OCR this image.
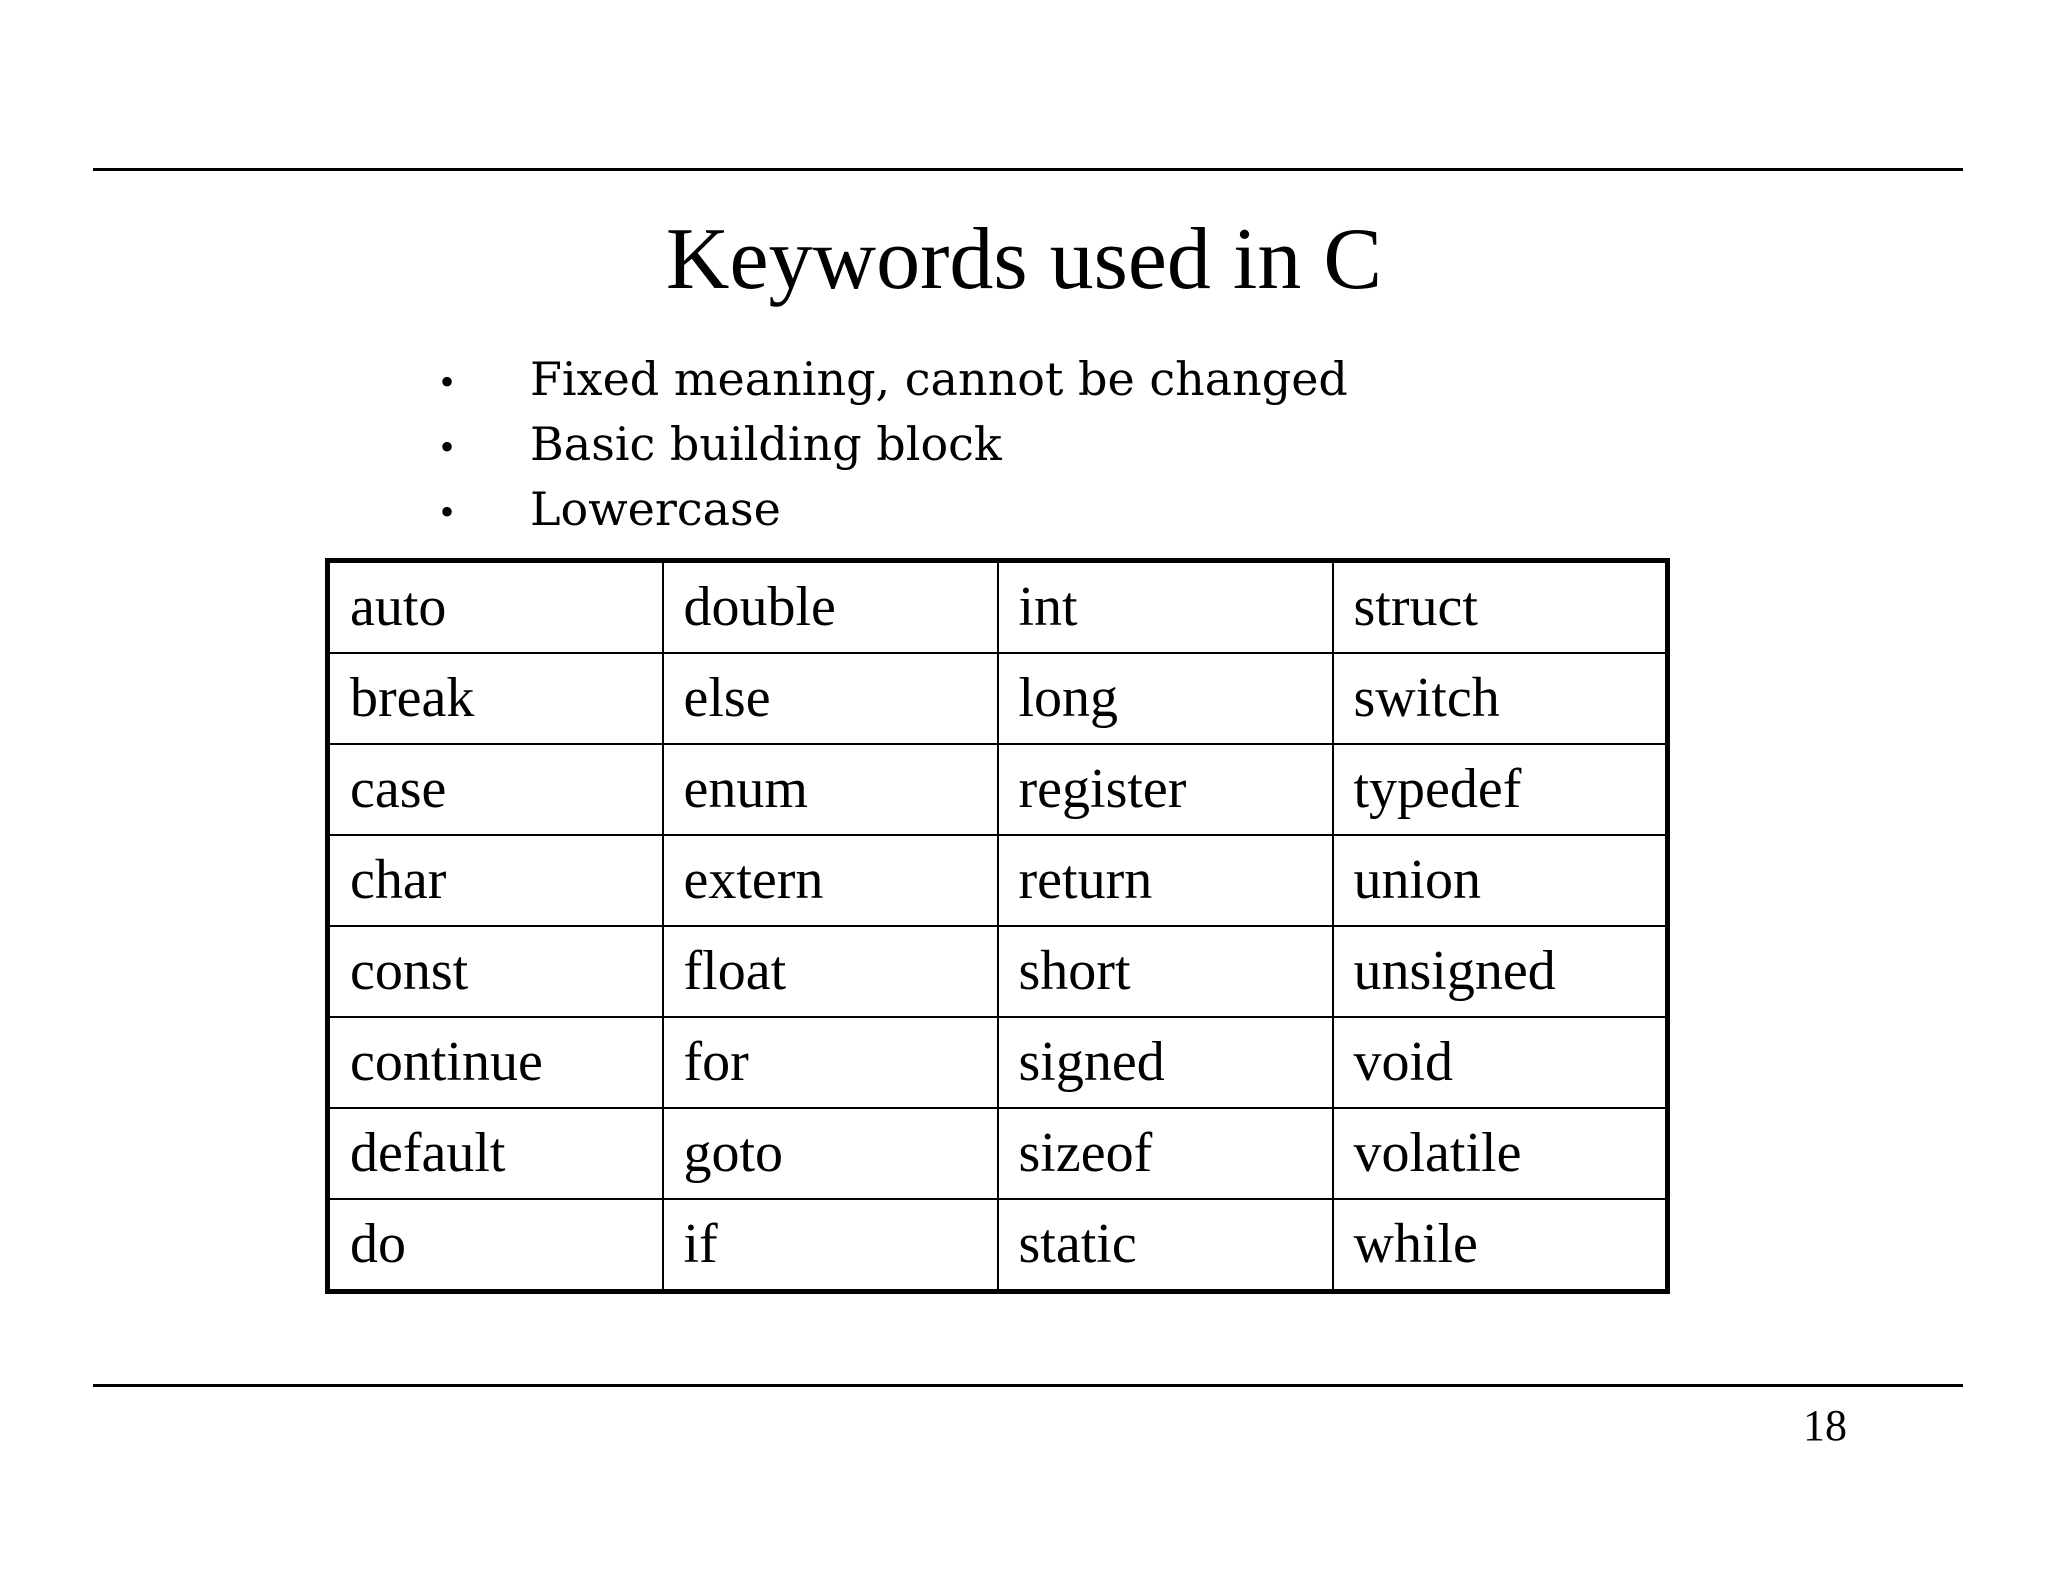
Keywords used in C
•	Fixed meaning, cannot be changed
•	Basic building block
•	Lowercase
auto	double	int	struct
break	else	long	switch
case	enum	register	typedef
char	extern	return	union
const	float	short	unsigned
continue	for	signed	void
default	goto	sizeof	volatile
do	if	static	while
18
